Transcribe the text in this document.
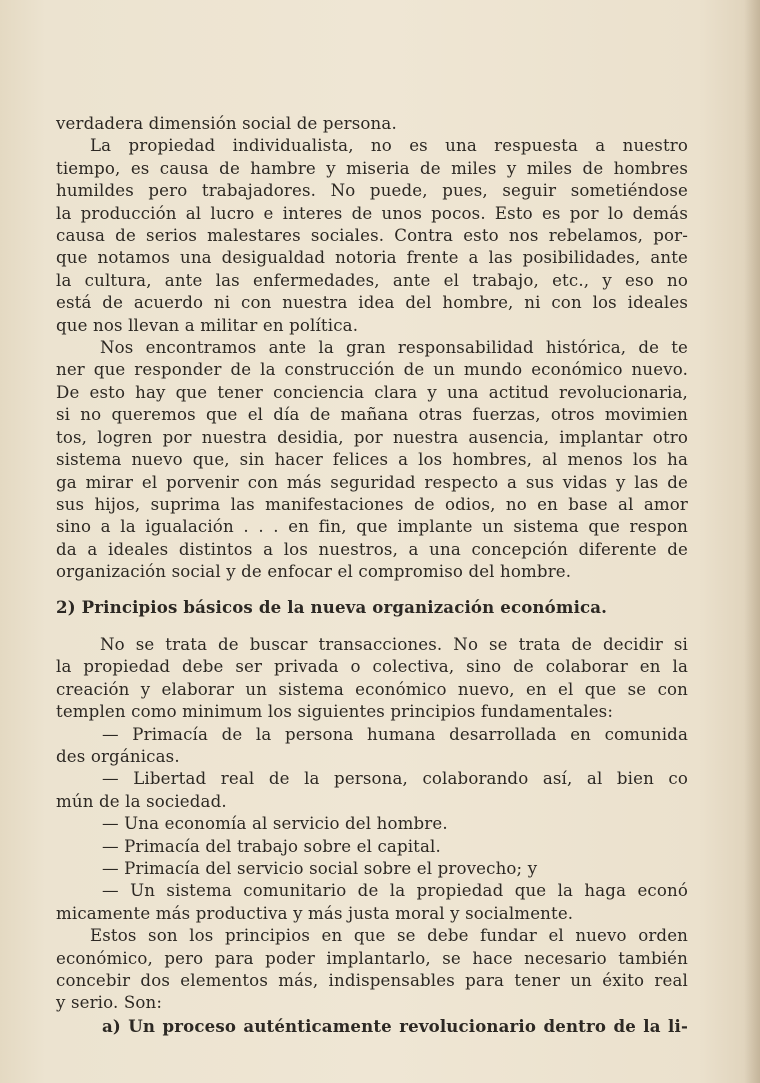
verdadera dimensión social de persona.
La propiedad individualista, no es una respuesta a nuestro
tiempo, es causa de hambre y miseria de miles y miles de hombres
humildes pero trabajadores. No puede, pues, seguir sometiéndose
la producción al lucro e interes de unos pocos. Esto es por lo demás
causa de serios malestares sociales. Contra esto nos rebelamos, por-
que notamos una desigualdad notoria frente a las posibilidades, ante
la cultura, ante las enfermedades, ante el trabajo, etc., y eso no
está de acuerdo ni con nuestra idea del hombre, ni con los ideales
que nos llevan a militar en política.
Nos encontramos ante la gran responsabilidad histórica, de te
ner que responder de la construcción de un mundo económico nuevo.
De esto hay que tener conciencia clara y una actitud revolucionaria,
si no queremos que el día de mañana otras fuerzas, otros movimien
tos, logren por nuestra desidia, por nuestra ausencia, implantar otro
sistema nuevo que, sin hacer felices a los hombres, al menos los ha
ga mirar el porvenir con más seguridad respecto a sus vidas y las de
sus hijos, suprima las manifestaciones de odios, no en base al amor
sino a la igualación . . . en fin, que implante un sistema que respon
da a ideales distintos a los nuestros, a una concepción diferente de
organización social y de enfocar el compromiso del hombre.
2) Principios básicos de la nueva organización económica.
No se trata de buscar transacciones. No se trata de decidir si
la propiedad debe ser privada o colectiva, sino de colaborar en la
creación y elaborar un sistema económico nuevo, en el que se con
templen como minimum los siguientes principios fundamentales:
— Primacía de la persona humana desarrollada en comunida
des orgánicas.
— Libertad real de la persona, colaborando así, al bien co
mún de la sociedad.
— Una economía al servicio del hombre.
— Primacía del trabajo sobre el capital.
— Primacía del servicio social sobre el provecho; y
— Un sistema comunitario de la propiedad que la haga econó
micamente más productiva y más justa moral y socialmente.
Estos son los principios en que se debe fundar el nuevo orden
económico, pero para poder implantarlo, se hace necesario también
concebir dos elementos más, indispensables para tener un éxito real
y serio. Son:
a) Un proceso auténticamente revolucionario dentro de la li-
